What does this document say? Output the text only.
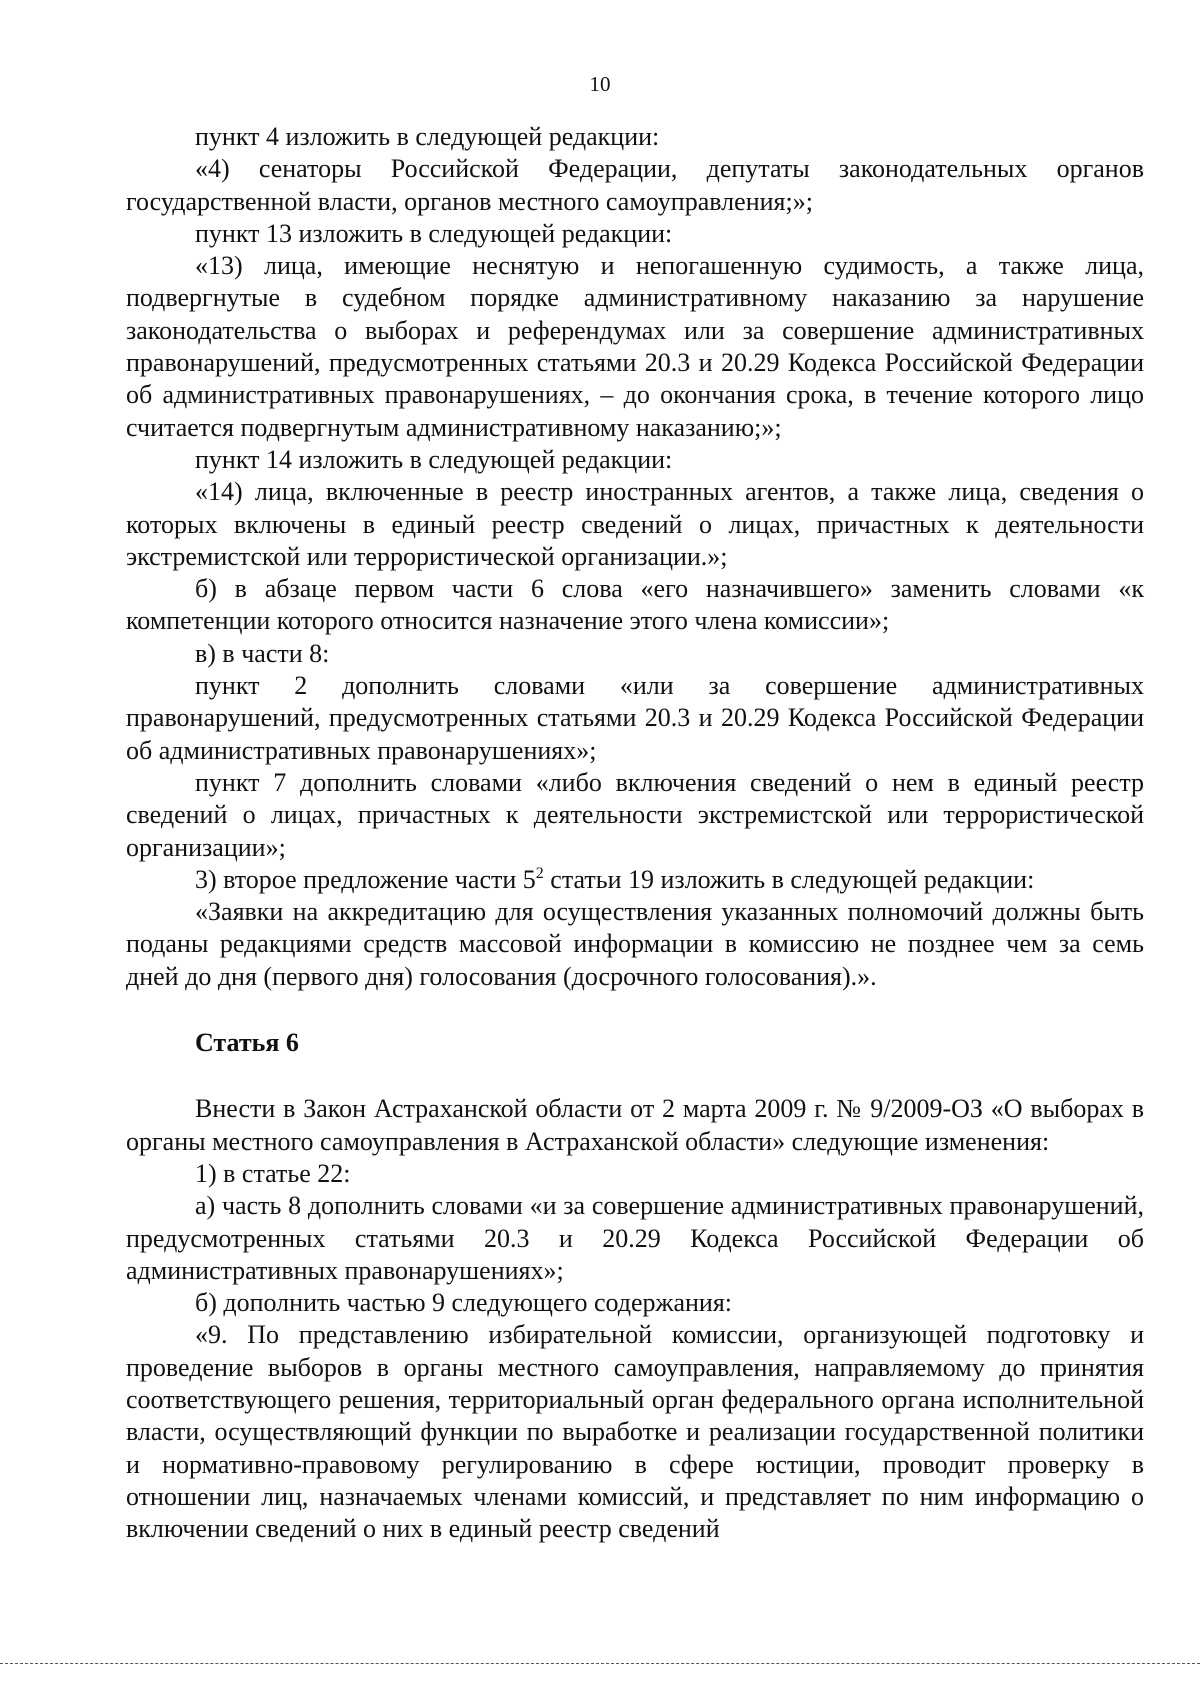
10

пункт 4 изложить в следующей редакции:

«4) сенаторы Российской Федерации, депутаты законодательных органов государственной власти, органов местного самоуправления;»;

пункт 13 изложить в следующей редакции:

«13) лица, имеющие неснятую и непогашенную судимость, а также лица, подвергнутые в судебном порядке административному наказанию за нарушение законодательства о выборах и референдумах или за совершение административных правонарушений, предусмотренных статьями 20.3 и 20.29 Кодекса Российской Федерации об административных правонарушениях, – до окончания срока, в течение которого лицо считается подвергнутым административному наказанию;»;

пункт 14 изложить в следующей редакции:

«14) лица, включенные в реестр иностранных агентов, а также лица, сведения о которых включены в единый реестр сведений о лицах, причастных к деятельности экстремистской или террористической организации.»;

б) в абзаце первом части 6 слова «его назначившего» заменить словами «к компетенции которого относится назначение этого члена комиссии»;

в) в части 8:

пункт 2 дополнить словами «или за совершение административных правонарушений, предусмотренных статьями 20.3 и 20.29 Кодекса Российской Федерации об административных правонарушениях»;

пункт 7 дополнить словами «либо включения сведений о нем в единый реестр сведений о лицах, причастных к деятельности экстремистской или террористической организации»;

3) второе предложение части $5^2$ статьи 19 изложить в следующей редакции:

«Заявки на аккредитацию для осуществления указанных полномочий должны быть поданы редакциями средств массовой информации в комиссию не позднее чем за семь дней до дня (первого дня) голосования (досрочного голосования).».

Статья 6

Внести в Закон Астраханской области от 2 марта 2009 г. № 9/2009-ОЗ «О выборах в органы местного самоуправления в Астраханской области» следующие изменения:

1) в статье 22:

а) часть 8 дополнить словами «и за совершение административных правонарушений, предусмотренных статьями 20.3 и 20.29 Кодекса Российской Федерации об административных правонарушениях»;

б) дополнить частью 9 следующего содержания:

«9. По представлению избирательной комиссии, организующей подготовку и проведение выборов в органы местного самоуправления, направляемому до принятия соответствующего решения, территориальный орган федерального органа исполнительной власти, осуществляющий функции по выработке и реализации государственной политики и нормативно-правовому регулированию в сфере юстиции, проводит проверку в отношении лиц, назначаемых членами комиссий, и представляет по ним информацию о включении сведений о них в единый реестр сведений
